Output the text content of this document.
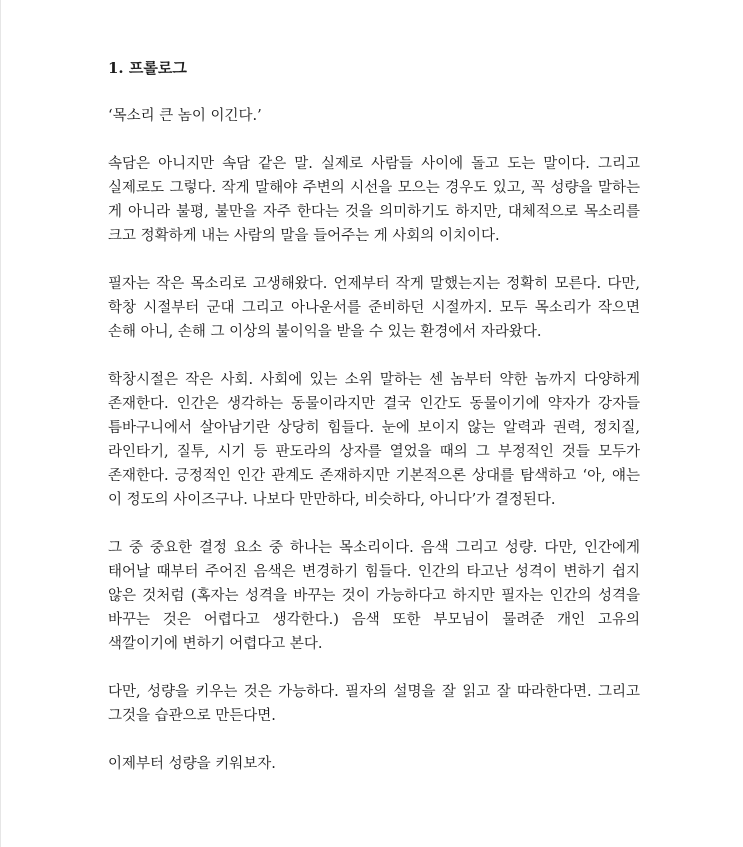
1. 프롤로그
‘목소리 큰 놈이 이긴다.’
속담은 아니지만 속담 같은 말. 실제로 사람들 사이에 돌고 도는 말이다. 그리고 실제로도 그렇다. 작게 말해야 주변의 시선을 모으는 경우도 있고, 꼭 성량을 말하는 게 아니라 불평, 불만을 자주 한다는 것을 의미하기도 하지만, 대체적으로 목소리를 크고 정확하게 내는 사람의 말을 들어주는 게 사회의 이치이다.
필자는 작은 목소리로 고생해왔다. 언제부터 작게 말했는지는 정확히 모른다. 다만, 학창 시절부터 군대 그리고 아나운서를 준비하던 시절까지. 모두 목소리가 작으면 손해 아니, 손해 그 이상의 불이익을 받을 수 있는 환경에서 자라왔다.
학창시절은 작은 사회. 사회에 있는 소위 말하는 센 놈부터 약한 놈까지 다양하게 존재한다. 인간은 생각하는 동물이라지만 결국 인간도 동물이기에 약자가 강자들 틈바구니에서 살아남기란 상당히 힘들다. 눈에 보이지 않는 알력과 권력, 정치질, 라인타기, 질투, 시기 등 판도라의 상자를 열었을 때의 그 부정적인 것들 모두가 존재한다. 긍정적인 인간 관계도 존재하지만 기본적으론 상대를 탐색하고 ‘아, 얘는 이 정도의 사이즈구나. 나보다 만만하다, 비슷하다, 아니다’가 결정된다.
그 중 중요한 결정 요소 중 하나는 목소리이다. 음색 그리고 성량. 다만, 인간에게 태어날 때부터 주어진 음색은 변경하기 힘들다. 인간의 타고난 성격이 변하기 쉽지 않은 것처럼 (혹자는 성격을 바꾸는 것이 가능하다고 하지만 필자는 인간의 성격을 바꾸는 것은 어렵다고 생각한다.) 음색 또한 부모님이 물려준 개인 고유의 색깔이기에 변하기 어렵다고 본다.
다만, 성량을 키우는 것은 가능하다. 필자의 설명을 잘 읽고 잘 따라한다면. 그리고 그것을 습관으로 만든다면.
이제부터 성량을 키워보자.
